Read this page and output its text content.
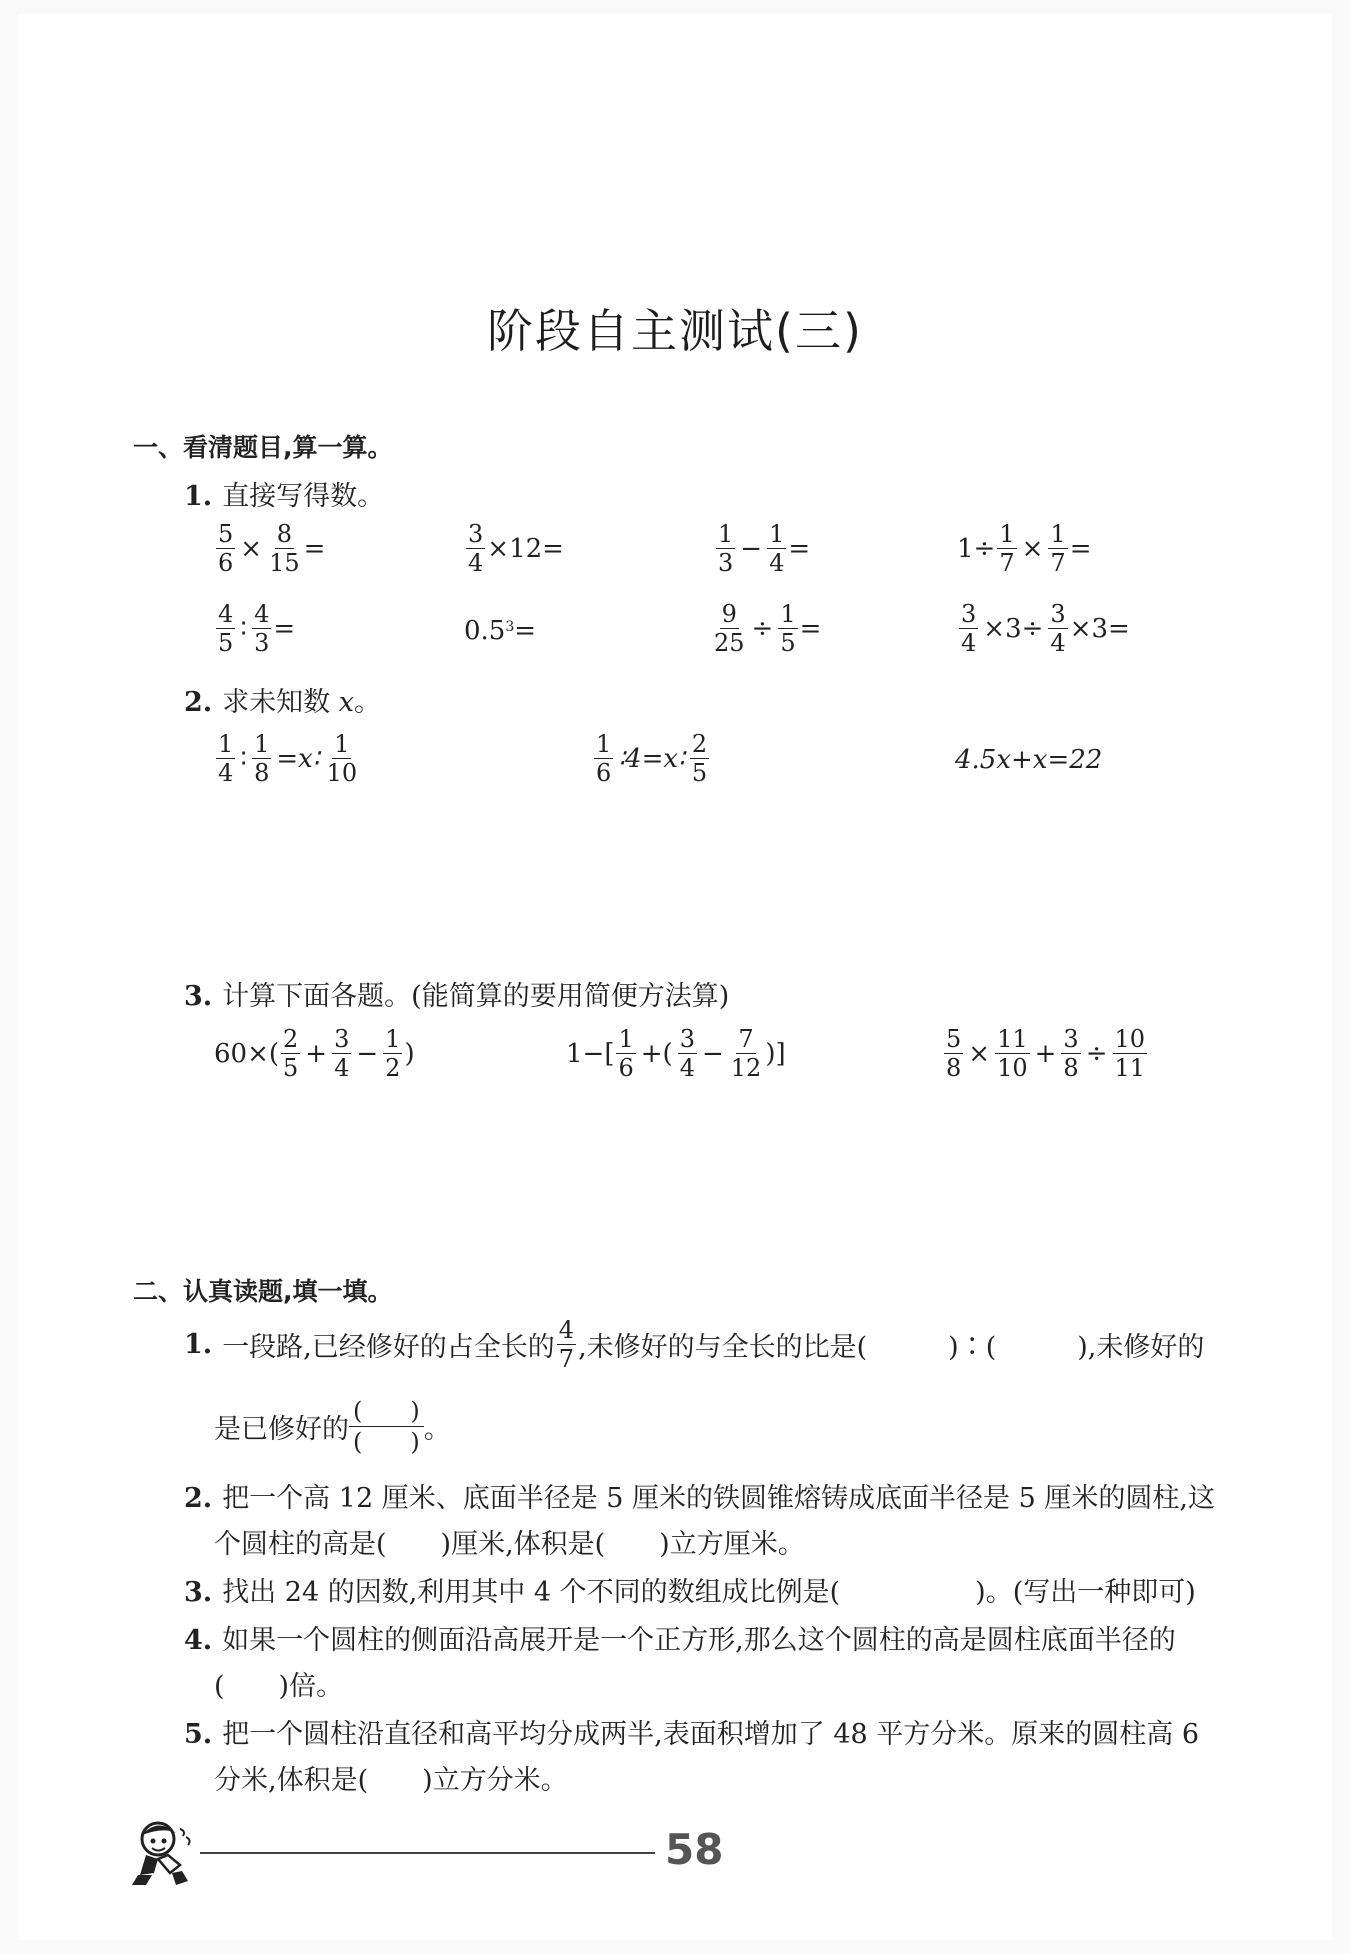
阶段自主测试(三)
一、看清题目,算一算。
1. 直接写得数。
$\frac{5}{6} \times \frac{8}{15}$ =	$\frac{3}{4} \times 12=$	$\frac{1}{3} - \frac{1}{4}$ =	$1\div \frac{1}{7} \times \frac{1}{7}$ =
$\frac{4}{5}$ ∶ $\frac{4}{3}$ =	$0.5^3$ =	$\frac{9}{25} \div \frac{1}{5}$ =	$\frac{3}{4} \times 3\div \frac{3}{4} \times 3=$
2. 求未知数 x。
$\frac{1}{4}$ ∶ $\frac{1}{8}$ =x∶ $\frac{1}{10}$	$\frac{1}{6}$ ∶4=x∶ $\frac{2}{5}$	4.5x+x=22
3. 计算下面各题。(能简算的要用简便方法算)
$60\times( \frac{2}{5} + \frac{3}{4} - \frac{1}{2}$ )	$1-[ \frac{1}{6}$ +( $\frac{3}{4} - \frac{7}{12}$ )]	$\frac{5}{8} \times \frac{11}{10} + \frac{3}{8} \div \frac{10}{11}$
二、认真读题,填一填。
1. 一段路,已经修好的占全长的 $\frac{4}{7}$ ,未修好的与全长的比是(　　　)∶(　　　),未修好的
是已修好的 $\frac{( )}{( )}$ 。
2. 把一个高 12 厘米、底面半径是 5 厘米的铁圆锥熔铸成底面半径是 5 厘米的圆柱,这
个圆柱的高是(　　)厘米,体积是(　　)立方厘米。
3. 找出 24 的因数,利用其中 4 个不同的数组成比例是(　　　　　)。(写出一种即可)
4. 如果一个圆柱的侧面沿高展开是一个正方形,那么这个圆柱的高是圆柱底面半径的
(　　)倍。
5. 把一个圆柱沿直径和高平均分成两半,表面积增加了 48 平方分米。原来的圆柱高 6
分米,体积是(　　)立方分米。
58
